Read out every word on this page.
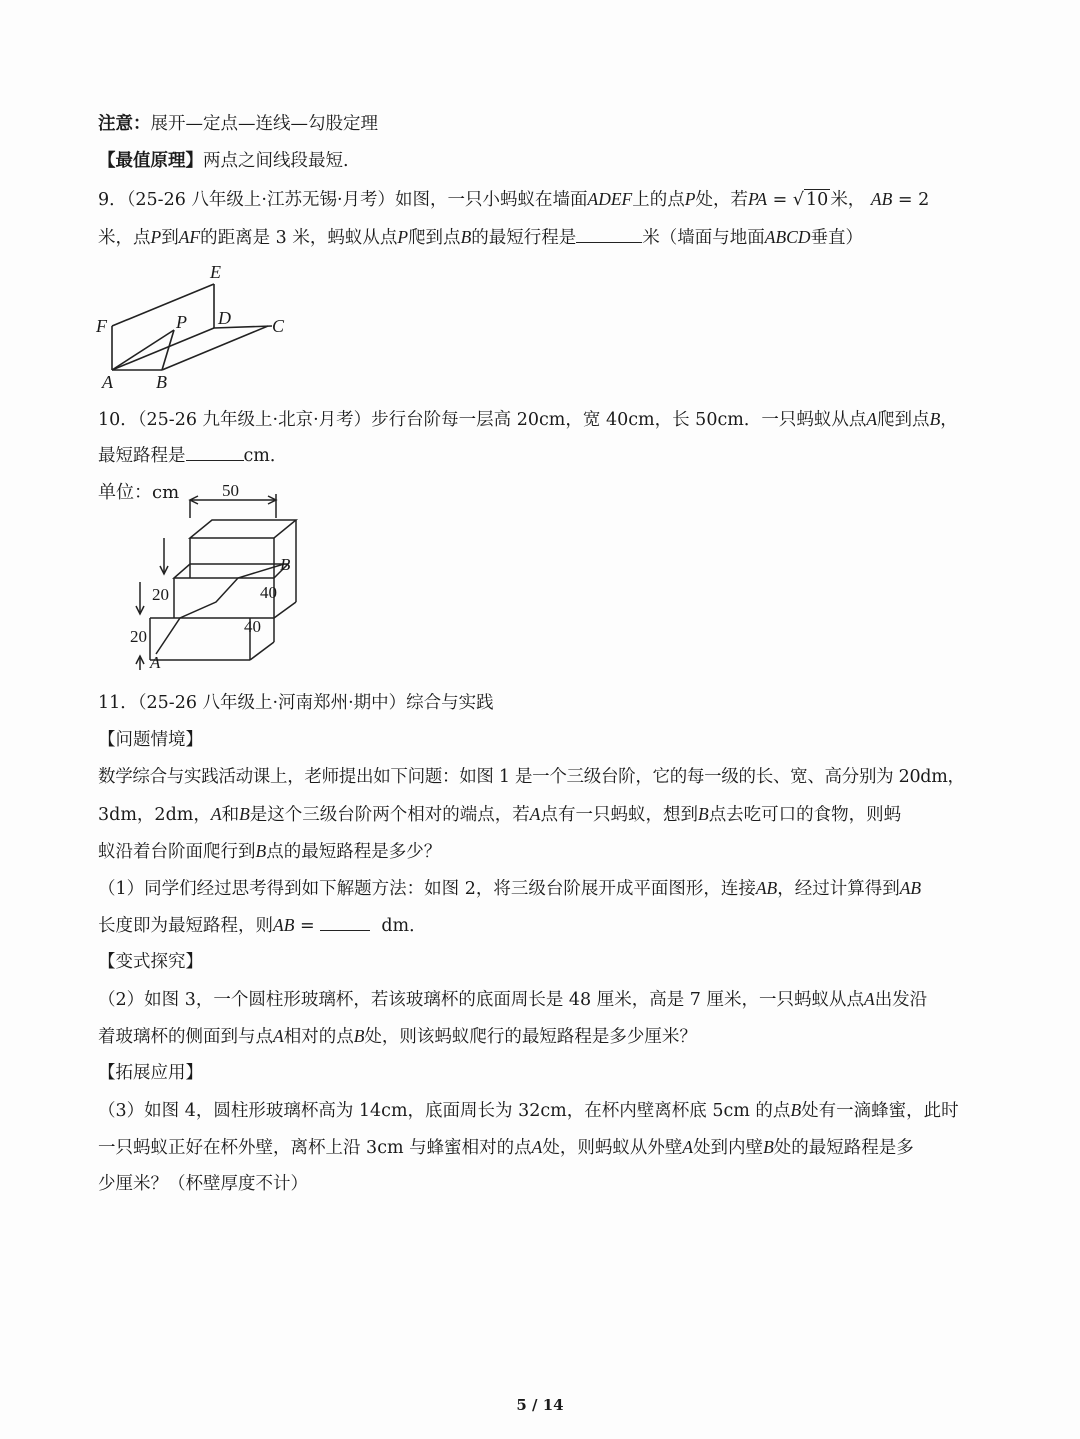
注意：展开—定点—连线—勾股定理
【最值原理】两点之间线段最短.
9．（25-26 八年级上·江苏无锡·月考）如图，一只小蚂蚁在墙面ADEF上的点P处，若PA = √ 10 米， AB = 2
米，点P到AF的距离是 3 米，蚂蚁从点P爬到点B的最短行程是	米（墙面与地面ABCD垂直）
E
F	P D C
A B
10．（25-26 九年级上·北京·月考）步行台阶每一层高 20cm，宽 40cm，长 50cm．一只蚂蚁从点A爬到点B，
最短路程是	cm．
单位：cm	50
20
20
40
40
A
B
11．（25-26 八年级上·河南郑州·期中）综合与实践
【问题情境】
数学综合与实践活动课上，老师提出如下问题：如图 1 是一个三级台阶，它的每一级的长、宽、高分别为 20dm，
3dm，2dm，A和B是这个三级台阶两个相对的端点，若A点有一只蚂蚁，想到B点去吃可口的食物，则蚂
蚁沿着台阶面爬行到B点的最短路程是多少？
（1）同学们经过思考得到如下解题方法：如图 2，将三级台阶展开成平面图形，连接AB，经过计算得到AB
长度即为最短路程，则AB =	dm．
【变式探究】
（2）如图 3，一个圆柱形玻璃杯，若该玻璃杯的底面周长是 48 厘米，高是 7 厘米，一只蚂蚁从点A出发沿
着玻璃杯的侧面到与点A相对的点B处，则该蚂蚁爬行的最短路程是多少厘米？
【拓展应用】
（3）如图 4，圆柱形玻璃杯高为 14cm，底面周长为 32cm，在杯内壁离杯底 5cm 的点B处有一滴蜂蜜，此时
一只蚂蚁正好在杯外壁，离杯上沿 3cm 与蜂蜜相对的点A处，则蚂蚁从外壁A处到内壁B处的最短路程是多
少厘米？（杯壁厚度不计）
5 / 14
